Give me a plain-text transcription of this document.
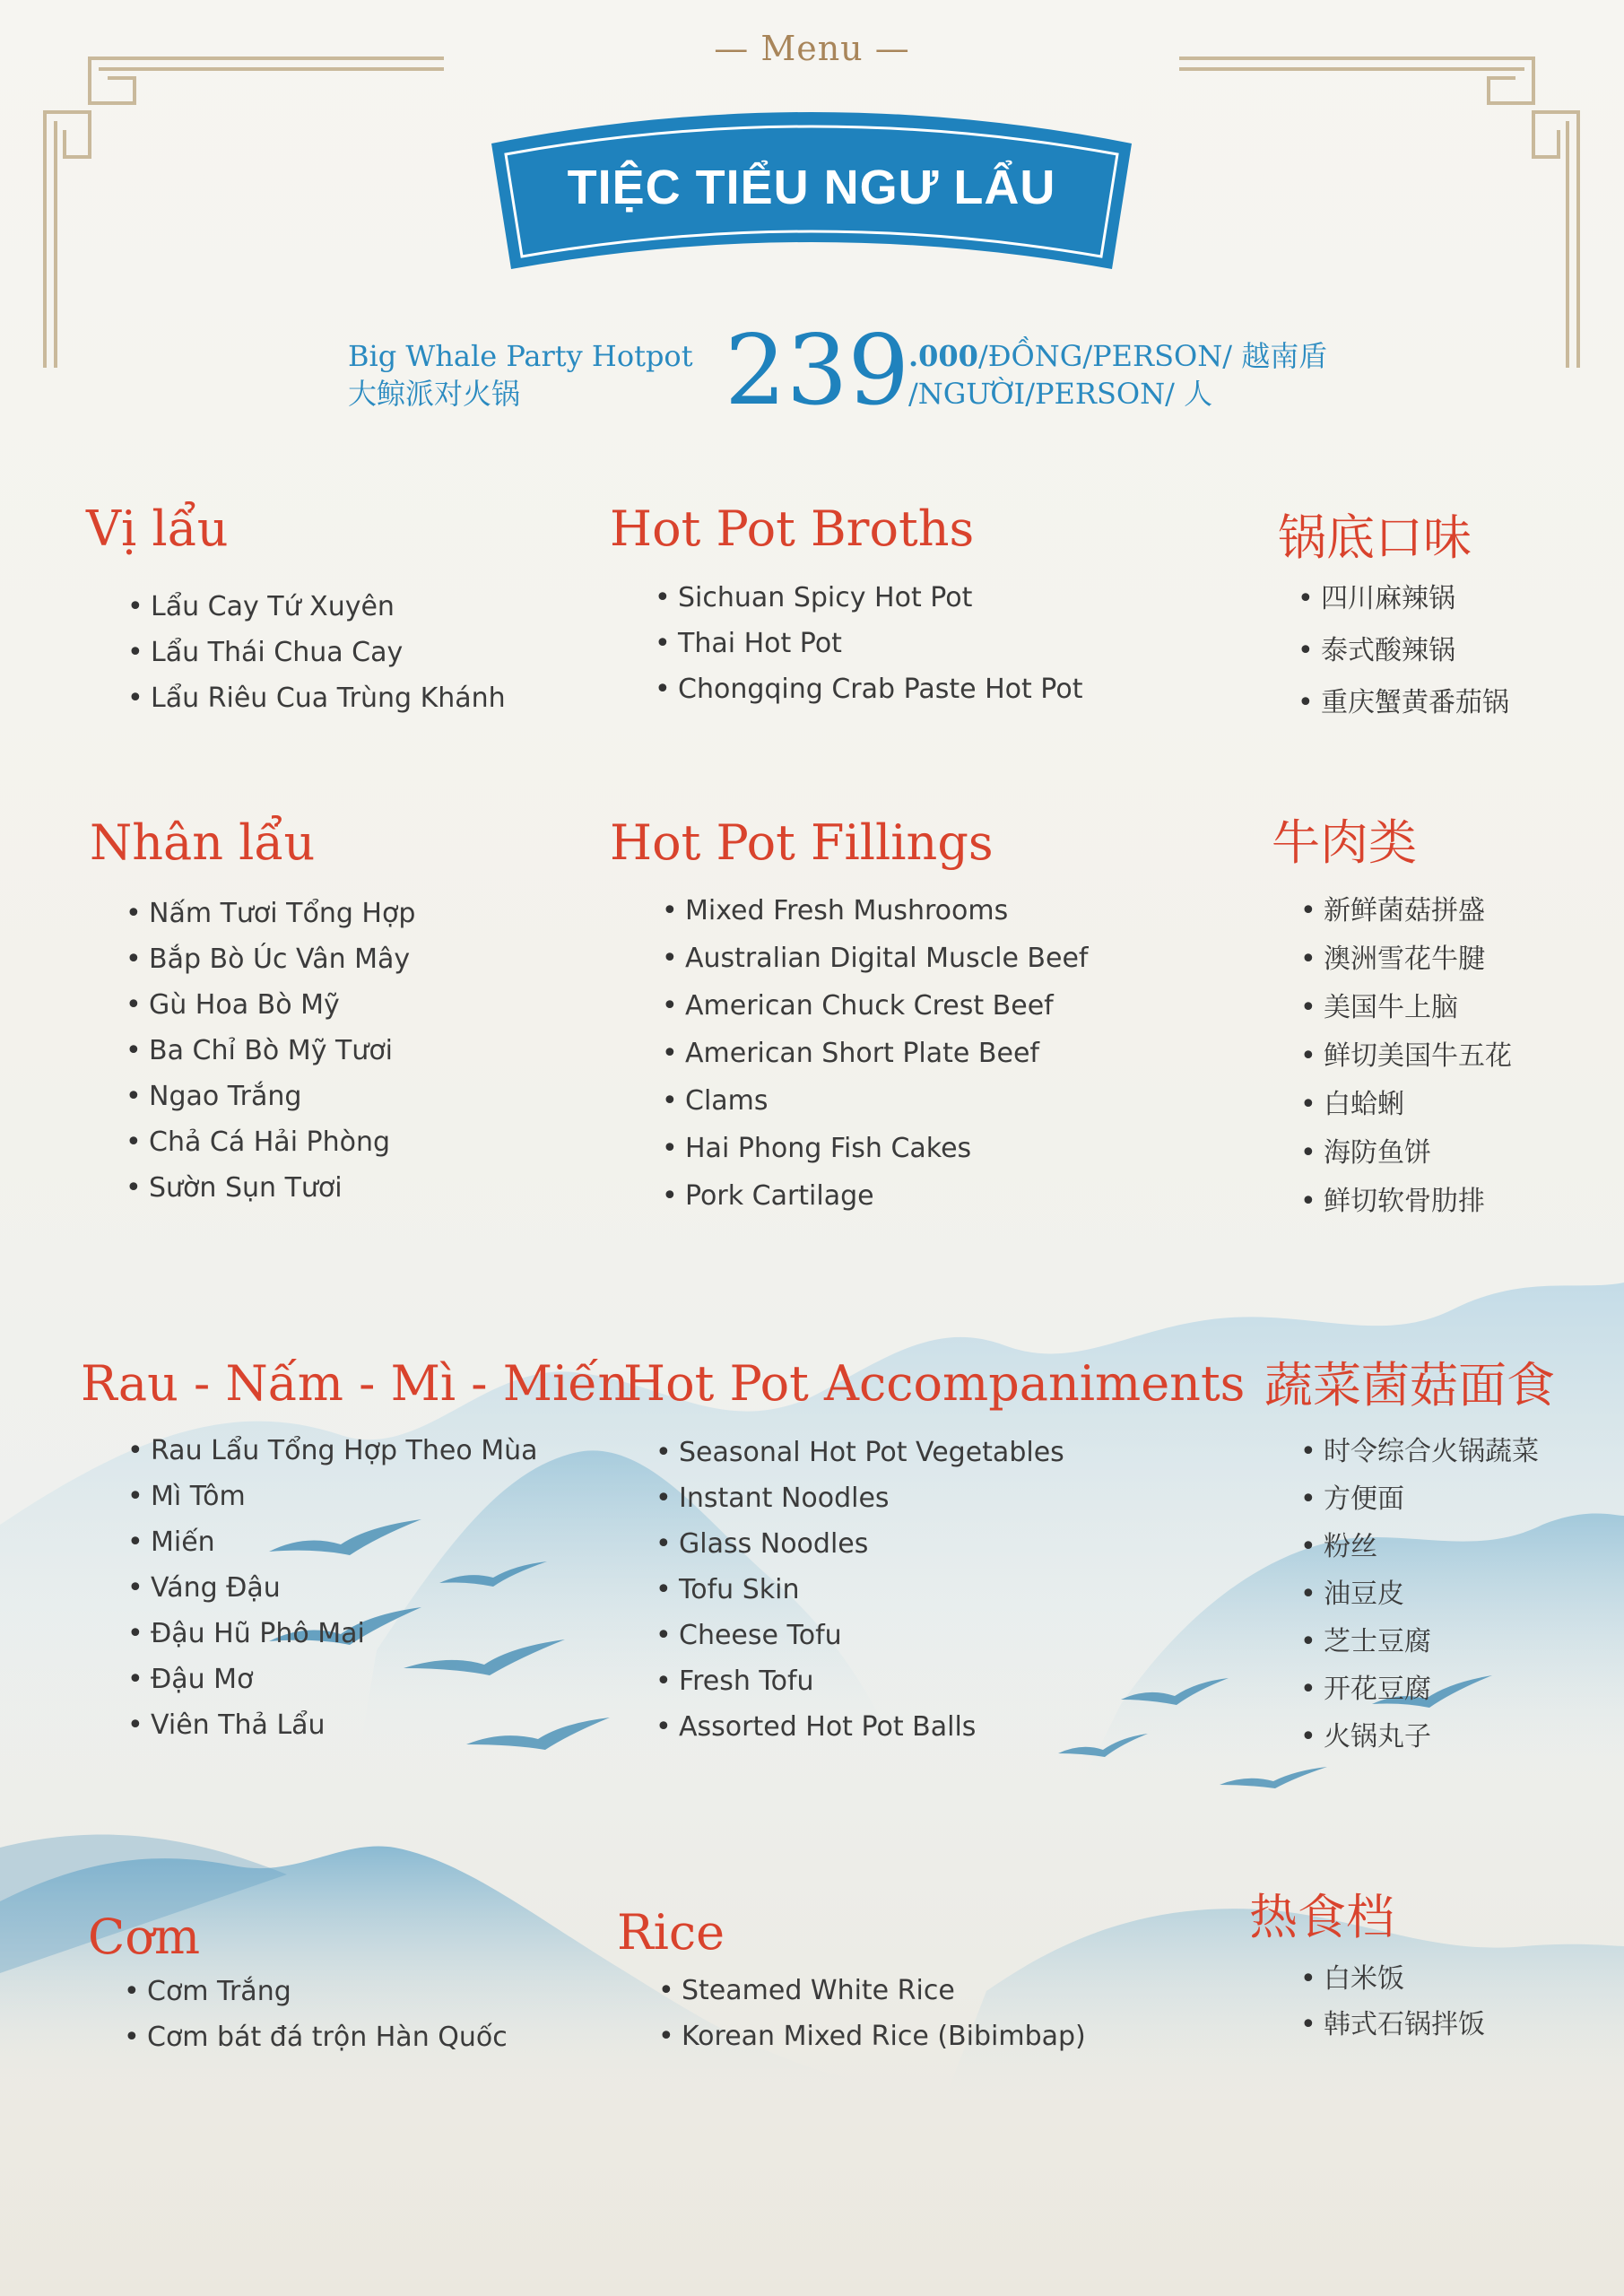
— Menu —
TIỆC TIỂU NGƯ LẨU
Big Whale Party Hotpot
大鲸派对火锅	239
.000/ĐỒNG/PERSON/ 越南盾
/NGƯỜI/PERSON/ 人
Vị lẩu
• Lẩu Cay Tứ Xuyên
• Lẩu Thái Chua Cay
• Lẩu Riêu Cua Trùng Khánh
Hot Pot Broths
• Sichuan Spicy Hot Pot
• Thai Hot Pot
• Chongqing Crab Paste Hot Pot
锅底口味
• 四川麻辣锅
• 泰式酸辣锅
• 重庆蟹黄番茄锅
Nhân lẩu
• Nấm Tươi Tổng Hợp
• Bắp Bò Úc Vân Mây
• Gù Hoa Bò Mỹ
• Ba Chỉ Bò Mỹ Tươi
• Ngao Trắng
• Chả Cá Hải Phòng
• Sườn Sụn Tươi
Hot Pot Fillings
• Mixed Fresh Mushrooms
• Australian Digital Muscle Beef
• American Chuck Crest Beef
• American Short Plate Beef
• Clams
• Hai Phong Fish Cakes
• Pork Cartilage
牛肉类
• 新鲜菌菇拼盛
• 澳洲雪花牛腱
• 美国牛上脑
• 鲜切美国牛五花
• 白蛤蜊
• 海防鱼饼
• 鲜切软骨肋排
Rau - Nấm - Mì - Miến
• Rau Lẩu Tổng Hợp Theo Mùa
• Mì Tôm
• Miến
• Váng Đậu
• Đậu Hũ Phô Mai
• Đậu Mơ
• Viên Thả Lẩu
Hot Pot Accompaniments
• Seasonal Hot Pot Vegetables
• Instant Noodles
• Glass Noodles
• Tofu Skin
• Cheese Tofu
• Fresh Tofu
• Assorted Hot Pot Balls
蔬菜菌菇面食
• 时令综合火锅蔬菜
• 方便面
• 粉丝
• 油豆皮
• 芝士豆腐
• 开花豆腐
• 火锅丸子
Cơm
• Cơm Trắng
• Cơm bát đá trộn Hàn Quốc
Rice
• Steamed White Rice
• Korean Mixed Rice (Bibimbap)
热食档
• 白米饭
• 韩式石锅拌饭
